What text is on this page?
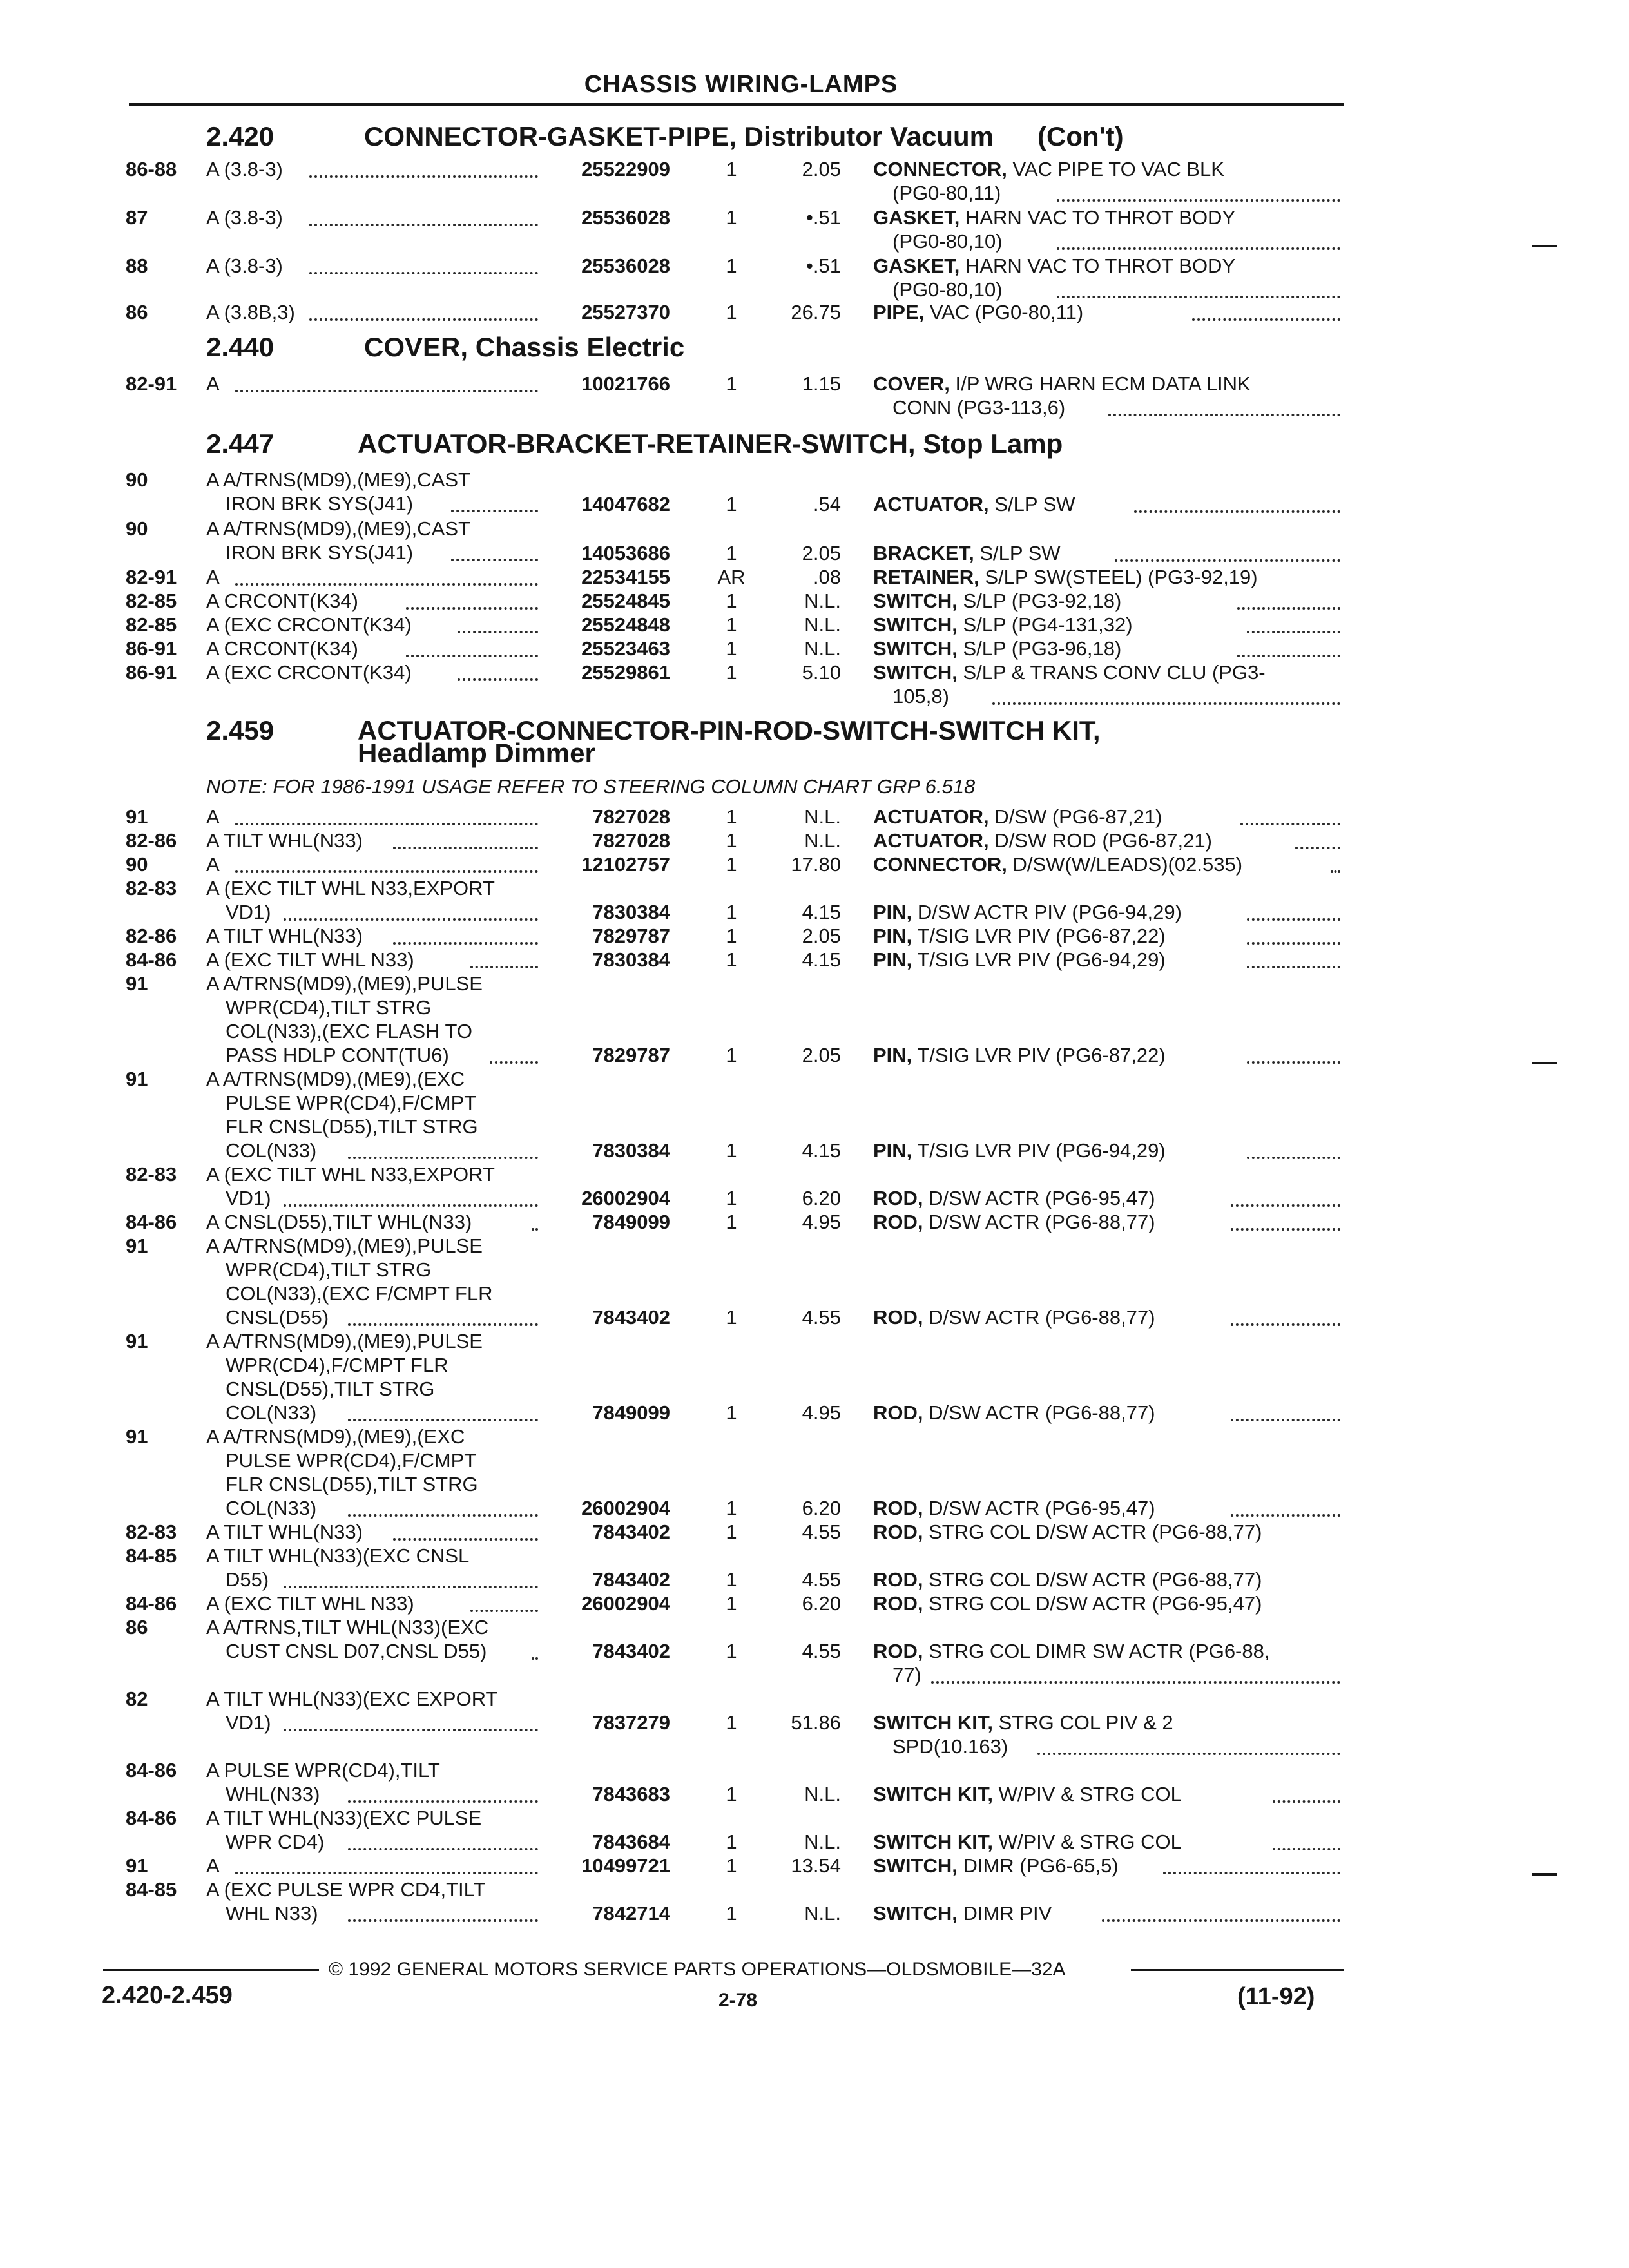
CHASSIS WIRING-LAMPS
2.420	CONNECTOR-GASKET-PIPE, Distributor Vacuum (Con't)
2.440	COVER, Chassis Electric
2.447	ACTUATOR-BRACKET-RETAINER-SWITCH, Stop Lamp
2.459	ACTUATOR-CONNECTOR-PIN-ROD-SWITCH-SWITCH KIT,
Headlamp Dimmer
NOTE: FOR 1986-1991 USAGE REFER TO STEERING COLUMN CHART GRP 6.518
86-88 A (3.8-3)	25522909	1	2.05 CONNECTOR, VAC PIPE TO VAC BLK
(PG0-80,11)
87	A (3.8-3)	25536028	1	•.51 GASKET, HARN VAC TO THROT BODY
(PG0-80,10)
88	A (3.8-3)	25536028	1	•.51 GASKET, HARN VAC TO THROT BODY
(PG0-80,10)
86	A (3.8B,3)	25527370	1	26.75 PIPE, VAC (PG0-80,11)
82-91 A	10021766	1	1.15 COVER, I/P WRG HARN ECM DATA LINK
CONN (PG3-113,6)
90	A A/TRNS(MD9),(ME9),CAST
IRON BRK SYS(J41)	14047682	1	.54 ACTUATOR, S/LP SW
90	A A/TRNS(MD9),(ME9),CAST
IRON BRK SYS(J41)	14053686	1	2.05 BRACKET, S/LP SW
82-91 A	22534155	AR	.08 RETAINER, S/LP SW(STEEL) (PG3-92,19)
82-85 A CRCONT(K34)	25524845	1	N.L. SWITCH, S/LP (PG3-92,18)
82-85 A (EXC CRCONT(K34)	25524848	1	N.L. SWITCH, S/LP (PG4-131,32)
86-91 A CRCONT(K34)	25523463	1	N.L. SWITCH, S/LP (PG3-96,18)
86-91 A (EXC CRCONT(K34)	25529861	1	5.10 SWITCH, S/LP & TRANS CONV CLU (PG3-
105,8)
91	A	7827028	1	N.L. ACTUATOR, D/SW (PG6-87,21)
82-86 A TILT WHL(N33)	7827028	1	N.L. ACTUATOR, D/SW ROD (PG6-87,21)
90	A	12102757	1	17.80 CONNECTOR, D/SW(W/LEADS)(02.535)
82-83 A (EXC TILT WHL N33,EXPORT
VD1)	7830384	1	4.15 PIN, D/SW ACTR PIV (PG6-94,29)
82-86 A TILT WHL(N33)	7829787	1	2.05 PIN, T/SIG LVR PIV (PG6-87,22)
84-86 A (EXC TILT WHL N33)	7830384	1	4.15 PIN, T/SIG LVR PIV (PG6-94,29)
91	A A/TRNS(MD9),(ME9),PULSE
WPR(CD4),TILT STRG
COL(N33),(EXC FLASH TO
PASS HDLP CONT(TU6)	7829787	1	2.05 PIN, T/SIG LVR PIV (PG6-87,22)
91	A A/TRNS(MD9),(ME9),(EXC
PULSE WPR(CD4),F/CMPT
FLR CNSL(D55),TILT STRG
COL(N33)	7830384	1	4.15 PIN, T/SIG LVR PIV (PG6-94,29)
82-83 A (EXC TILT WHL N33,EXPORT
VD1)	26002904	1	6.20 ROD, D/SW ACTR (PG6-95,47)
84-86 A CNSL(D55),TILT WHL(N33)	7849099	1	4.95 ROD, D/SW ACTR (PG6-88,77)
91	A A/TRNS(MD9),(ME9),PULSE
WPR(CD4),TILT STRG
COL(N33),(EXC F/CMPT FLR
CNSL(D55)	7843402	1	4.55 ROD, D/SW ACTR (PG6-88,77)
91	A A/TRNS(MD9),(ME9),PULSE
WPR(CD4),F/CMPT FLR
CNSL(D55),TILT STRG
COL(N33)	7849099	1	4.95 ROD, D/SW ACTR (PG6-88,77)
91	A A/TRNS(MD9),(ME9),(EXC
PULSE WPR(CD4),F/CMPT
FLR CNSL(D55),TILT STRG
COL(N33)	26002904	1	6.20 ROD, D/SW ACTR (PG6-95,47)
82-83 A TILT WHL(N33)	7843402	1	4.55 ROD, STRG COL D/SW ACTR (PG6-88,77)
84-85 A TILT WHL(N33)(EXC CNSL
D55)	7843402	1	4.55 ROD, STRG COL D/SW ACTR (PG6-88,77)
84-86 A (EXC TILT WHL N33)	26002904	1	6.20 ROD, STRG COL D/SW ACTR (PG6-95,47)
86	A A/TRNS,TILT WHL(N33)(EXC
CUST CNSL D07,CNSL D55)	7843402	1	4.55 ROD, STRG COL DIMR SW ACTR (PG6-88,
77)
82	A TILT WHL(N33)(EXC EXPORT
VD1)	7837279	1	51.86 SWITCH KIT, STRG COL PIV & 2
SPD(10.163)
84-86 A PULSE WPR(CD4),TILT
WHL(N33)	7843683	1	N.L. SWITCH KIT, W/PIV & STRG COL
84-86 A TILT WHL(N33)(EXC PULSE
WPR CD4)	7843684	1	N.L. SWITCH KIT, W/PIV & STRG COL
91	A	10499721	1	13.54 SWITCH, DIMR (PG6-65,5)
84-85 A (EXC PULSE WPR CD4,TILT
WHL N33)	7842714	1	N.L. SWITCH, DIMR PIV
© 1992 GENERAL MOTORS SERVICE PARTS OPERATIONS—OLDSMOBILE—32A
2.420-2.459	2-78	(11-92)
